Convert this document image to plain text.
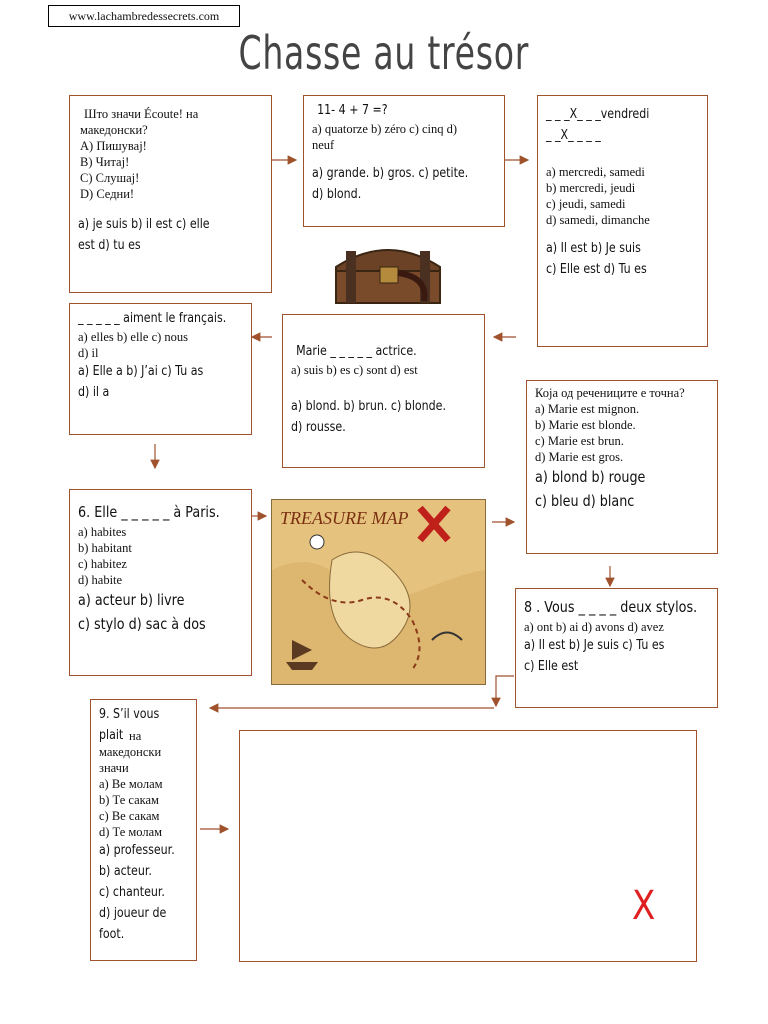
www.lachambredessecrets.com
Chasse au trésor
Што значи Écoute! на
македонски?
A) Пишувај!
B) Читај!
C) Слушај!
D) Седни!
a) je suis b) il est c) elle
est d) tu es
11- 4 + 7 =?
a) quatorze b) zéro c) cinq d)
neuf
a) grande. b) gros. c) petite.
d) blond.
_ _ _X_ _ _vendredi
_ _X_ _ _ _
a) mercredi, samedi
b) mercredi, jeudi
c) jeudi, samedi
d) samedi, dimanche
a) Il est b) Je suis
c) Elle est d) Tu es
_ _ _ _ _ aiment le français.
a) elles b) elle c) nous
d) il
a) Elle a b) J’ai c) Tu as
d) il a
Marie _ _ _ _ _ actrice.
a) suis b) es c) sont d) est
a) blond. b) brun. c) blonde.
d) rousse.
Која од речениците е точна?
a) Marie est mignon.
b) Marie est blonde.
c) Marie est brun.
d) Marie est gros.
a) blond b) rouge
c) bleu d) blanc
6. Elle _ _ _ _ _ à Paris.
a) habites
b) habitant
c) habitez
d) habite
a) acteur b) livre
c) stylo d) sac à dos
TREASURE MAP
8 . Vous _ _ _ _ deux stylos.
a) ont b) ai d) avons d) avez
a) Il est b) Je suis c) Tu es
c) Elle est
9. S’il vous
plait на
македонски
значи
a) Ве молам
b) Те сакам
c) Ве сакам
d) Те молам
a) professeur.
b) acteur.
c) chanteur.
d) joueur de
foot.
X
